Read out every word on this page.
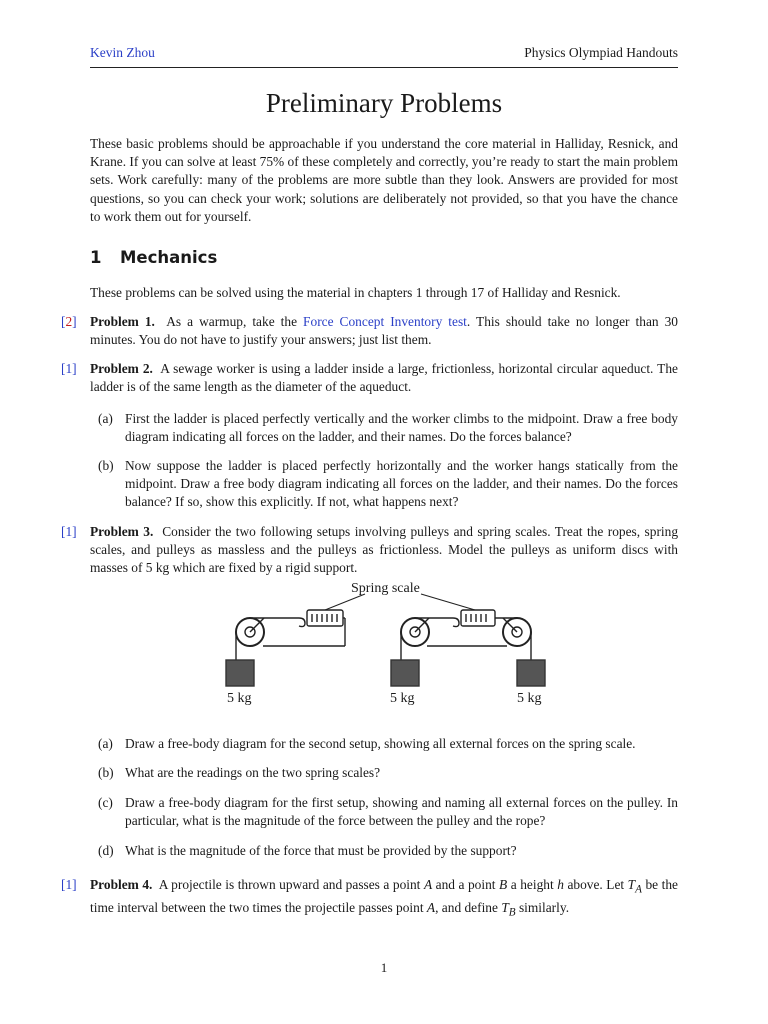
Kevin Zhou	Physics Olympiad Handouts
Preliminary Problems
These basic problems should be approachable if you understand the core material in Halliday, Resnick, and Krane. If you can solve at least 75% of these completely and correctly, you’re ready to start the main problem sets. Work carefully: many of the problems are more subtle than they look. Answers are provided for most questions, so you can check your work; solutions are deliberately not provided, so that you have the chance to work them out for yourself.
1 Mechanics
These problems can be solved using the material in chapters 1 through 17 of Halliday and Resnick.
[2] Problem 1. As a warmup, take the Force Concept Inventory test. This should take no longer than 30 minutes. You do not have to justify your answers; just list them.
[1] Problem 2. A sewage worker is using a ladder inside a large, frictionless, horizontal circular aqueduct. The ladder is of the same length as the diameter of the aqueduct.
(a) First the ladder is placed perfectly vertically and the worker climbs to the midpoint. Draw a free body diagram indicating all forces on the ladder, and their names. Do the forces balance?
(b) Now suppose the ladder is placed perfectly horizontally and the worker hangs statically from the midpoint. Draw a free body diagram indicating all forces on the ladder, and their names. Do the forces balance? If so, show this explicitly. If not, what happens next?
[1] Problem 3. Consider the two following setups involving pulleys and spring scales. Treat the ropes, spring scales, and pulleys as massless and the pulleys as frictionless. Model the pulleys as uniform discs with masses of 5 kg which are fixed by a rigid support.
Spring scale
5 kg	5 kg	5 kg
(a) Draw a free-body diagram for the second setup, showing all external forces on the spring scale.
(b) What are the readings on the two spring scales?
(c) Draw a free-body diagram for the first setup, showing and naming all external forces on the pulley. In particular, what is the magnitude of the force between the pulley and the rope?
(d) What is the magnitude of the force that must be provided by the support?
[1] Problem 4. A projectile is thrown upward and passes a point A and a point B a height h above. Let $T_A$ be the time interval between the two times the projectile passes point A, and define $T_B$ similarly.
1
